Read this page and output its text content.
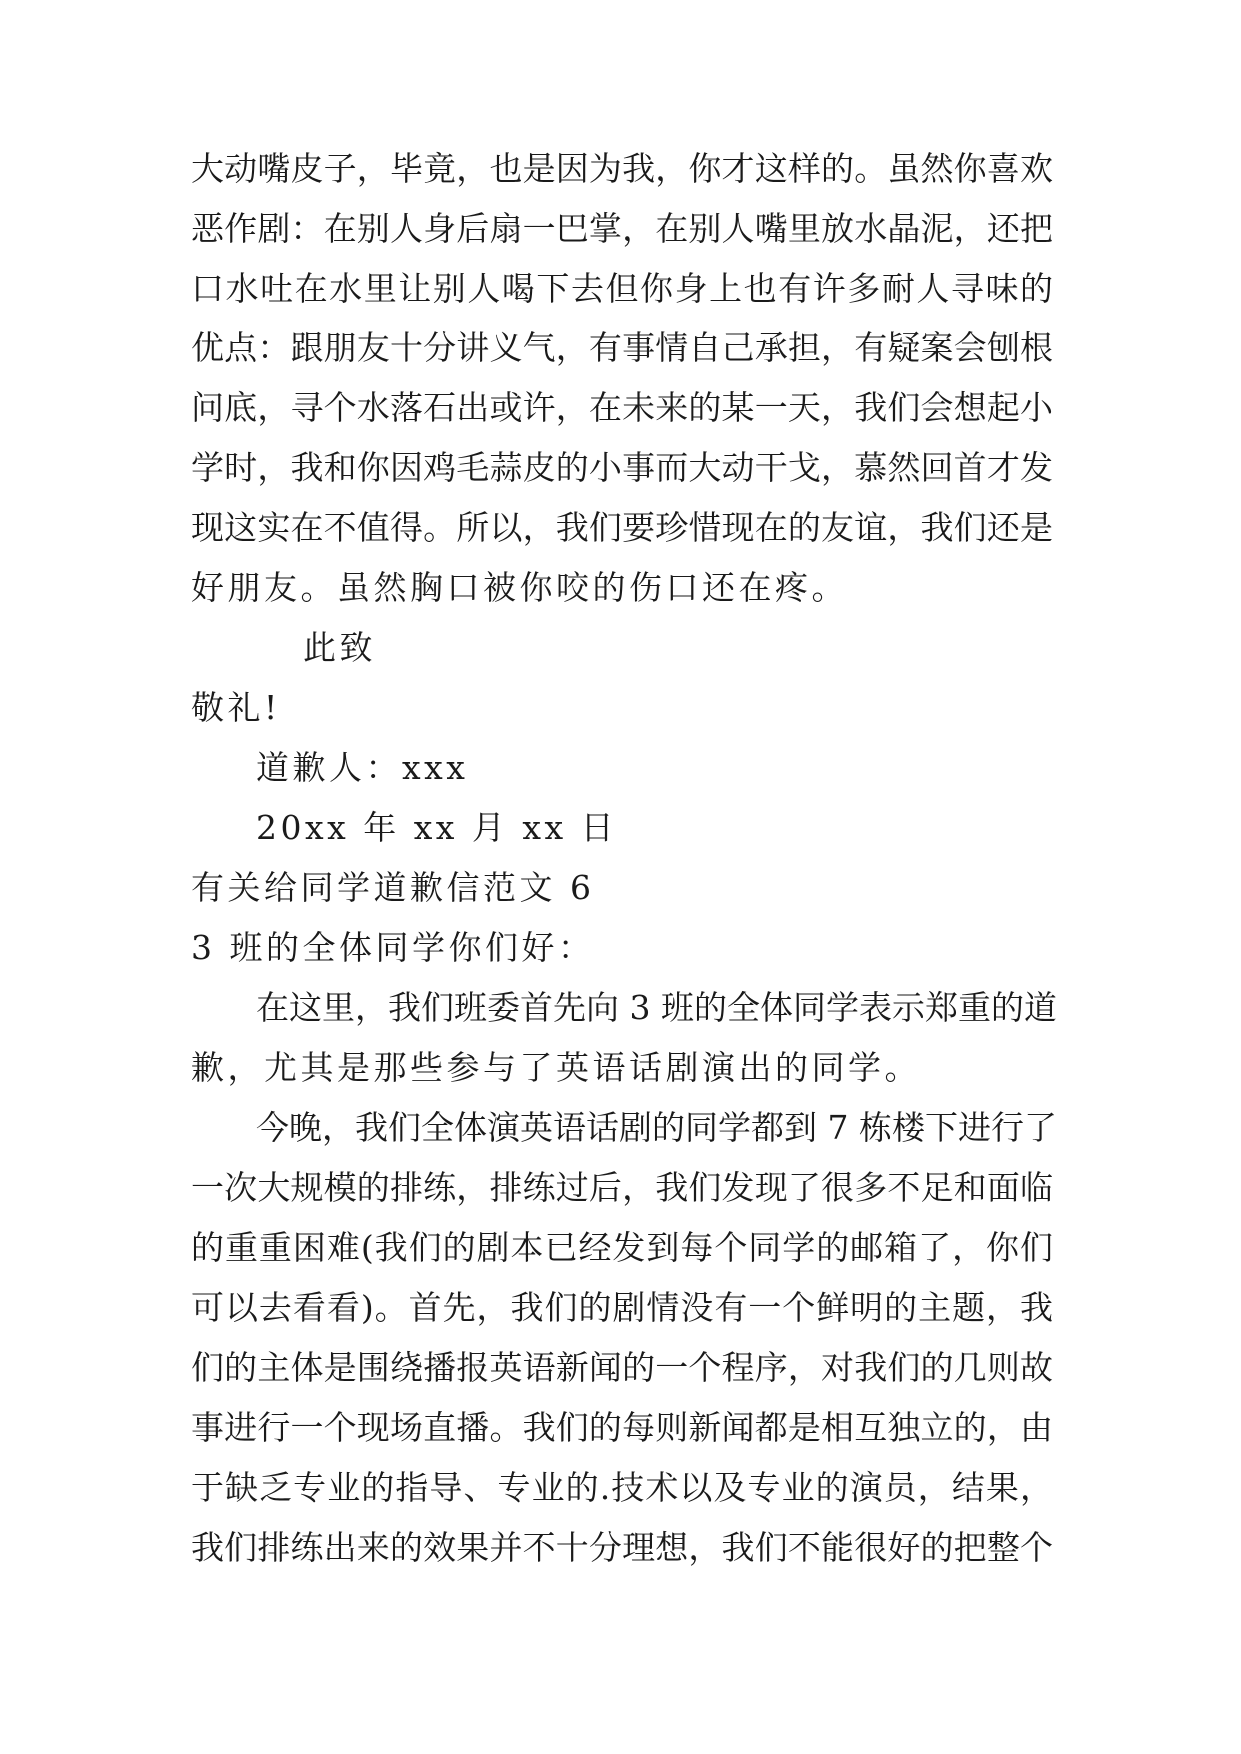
大动嘴皮子，毕竟，也是因为我，你才这样的。虽然你喜欢
恶作剧：在别人身后扇一巴掌，在别人嘴里放水晶泥，还把
口水吐在水里让别人喝下去但你身上也有许多耐人寻味的
优点：跟朋友十分讲义气，有事情自己承担，有疑案会刨根
问底，寻个水落石出或许，在未来的某一天，我们会想起小
学时，我和你因鸡毛蒜皮的小事而大动干戈，慕然回首才发
现这实在不值得。所以，我们要珍惜现在的友谊，我们还是
好朋友。虽然胸口被你咬的伤口还在疼。
此致
敬礼!
道歉人：xxx
20xx 年 xx 月 xx 日
有关给同学道歉信范文 6
3 班的全体同学你们好：
在这里，我们班委首先向 3 班的全体同学表示郑重的道
歉，尤其是那些参与了英语话剧演出的同学。
今晚，我们全体演英语话剧的同学都到 7 栋楼下进行了
一次大规模的排练，排练过后，我们发现了很多不足和面临
的重重困难(我们的剧本已经发到每个同学的邮箱了，你们
可以去看看)。首先，我们的剧情没有一个鲜明的主题，我
们的主体是围绕播报英语新闻的一个程序，对我们的几则故
事进行一个现场直播。我们的每则新闻都是相互独立的，由
于缺乏专业的指导、专业的.技术以及专业的演员，结果，
我们排练出来的效果并不十分理想，我们不能很好的把整个
